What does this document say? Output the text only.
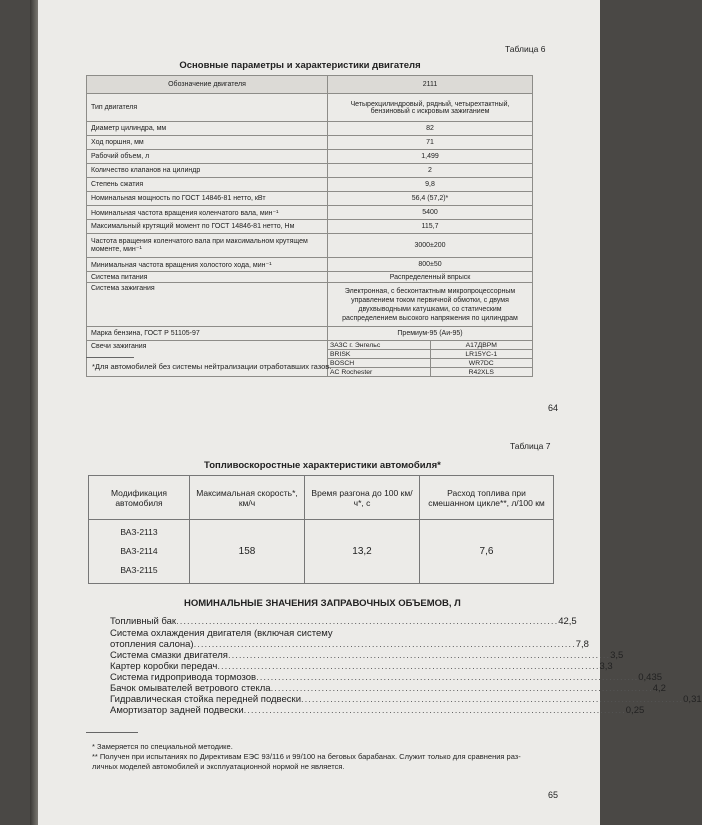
Таблица 6
Основные параметры и характеристики двигателя
Обозначение двигателя	2111
Тип двигателя	Четырехцилиндровый, рядный, четырехтактный, бензиновый с искровым зажиганием
Диаметр цилиндра, мм	82
Ход поршня, мм	71
Рабочий объем, л	1,499
Количество клапанов на цилиндр	2
Степень сжатия	9,8
Номинальная мощность по ГОСТ 14846-81 нетто, кВт	56,4 (57,2)*
Номинальная частота вращения коленчатого вала, мин⁻¹	5400
Максимальный крутящий момент по ГОСТ 14846-81 нетто, Нм	115,7
Частота вращения коленчатого вала при максимальном крутящем моменте, мин⁻¹	3000±200
Минимальная частота вращения холостого хода, мин⁻¹	800±50
Система питания	Распределенный впрыск
Система зажигания	Электронная, с бесконтактным микропроцессорным управлением током первичной обмотки, с двумя двухвыводными катушками, со статическим распределением высокого напряжения по цилиндрам
Марка бензина, ГОСТ Р 51105-97	Премиум-95 (Аи-95)
Свечи зажигания		ЗАЗС г. Энгельс	А17ДВРМ
BRISK	LR15YC-1
BOSCH	WR7DC
AC Rochester	R42XLS
*Для автомобилей без системы нейтрализации отработавших газов.
64
Таблица 7
Топливоскоростные характеристики автомобиля*
Модификация автомобиля	Максимальная скорость*, км/ч	Время разгона до 100 км/ч*, с	Расход топлива при смешанном цикле**, л/100 км

ВАЗ-2113
ВАЗ-2114
ВАЗ-2115	158	13,2	7,6
НОМИНАЛЬНЫЕ ЗНАЧЕНИЯ ЗАПРАВОЧНЫХ ОБЪЕМОВ, Л
Топливный бак ......................................................................................................... 42,5
Система охлаждения двигателя (включая систему
отопления салона) ......................................................................................................... 7,8
Система смазки двигателя ......................................................................................................... 3,5
Картер коробки передач ......................................................................................................... 3,3
Система гидропривода тормозов ......................................................................................................... 0,435
Бачок омывателей ветрового стекла ......................................................................................................... 4,2
Гидравлическая стойка передней подвески ......................................................................................................... 0,31
Амортизатор задней подвески ......................................................................................................... 0,25
* Замеряется по специальной методике.
** Получен при испытаниях по Директивам ЕЭС 93/116 и 99/100 на беговых барабанах. Служит только для сравнения раз-
личных моделей автомобилей и эксплуатационной нормой не является.
65
